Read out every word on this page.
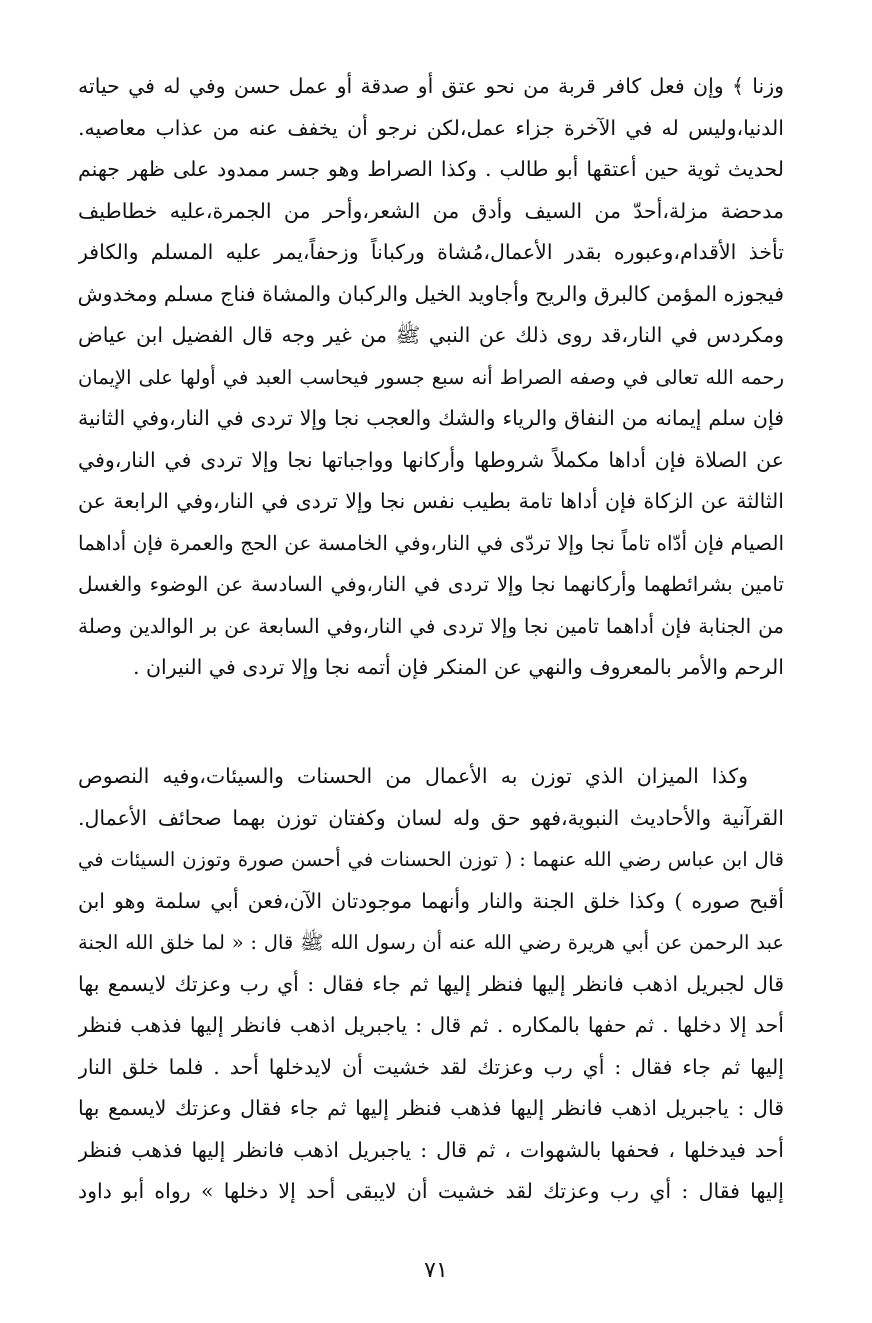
وزنا ﴾ وإن فعل كافر قربة من نحو عتق أو صدقة أو عمل حسن وفي له في حياته
الدنيا،وليس له في الآخرة جزاء عمل،لكن نرجو أن يخفف عنه من عذاب معاصيه.
لحديث ثوية حين أعتقها أبو طالب . وكذا الصراط وهو جسر ممدود على ظهر جهنم
مدحضة مزلة،أحدّ من السيف وأدق من الشعر،وأحر من الجمرة،عليه خطاطيف
تأخذ الأقدام،وعبوره بقدر الأعمال،مُشاة وركباناً وزحفاً،يمر عليه المسلم والكافر
فيجوزه المؤمن كالبرق والريح وأجاويد الخيل والركبان والمشاة فناج مسلم ومخدوش
ومكردس في النار،قد روى ذلك عن النبي ﷺ من غير وجه قال الفضيل ابن عياض
رحمه الله تعالى في وصفه الصراط أنه سبع جسور فيحاسب العبد في أولها على الإيمان
فإن سلم إيمانه من النفاق والرياء والشك والعجب نجا وإلا تردى في النار،وفي الثانية
عن الصلاة فإن أداها مكملاً شروطها وأركانها وواجباتها نجا وإلا تردى في النار،وفي
الثالثة عن الزكاة فإن أداها تامة بطيب نفس نجا وإلا تردى في النار،وفي الرابعة عن
الصيام فإن أدّاه تاماً نجا وإلا تردّى في النار،وفي الخامسة عن الحج والعمرة فإن أداهما
تامين بشرائطهما وأركانهما نجا وإلا تردى في النار،وفي السادسة عن الوضوء والغسل
من الجنابة فإن أداهما تامين نجا وإلا تردى في النار،وفي السابعة عن بر الوالدين وصلة
الرحم والأمر بالمعروف والنهي عن المنكر فإن أتمه نجا وإلا تردى في النيران .
وكذا الميزان الذي توزن به الأعمال من الحسنات والسيئات،وفيه النصوص
القرآنية والأحاديث النبوية،فهو حق وله لسان وكفتان توزن بهما صحائف الأعمال.
قال ابن عباس رضي الله عنهما : ( توزن الحسنات في أحسن صورة وتوزن السيئات في
أقبح صوره ) وكذا خلق الجنة والنار وأنهما موجودتان الآن،فعن أبي سلمة وهو ابن
عبد الرحمن عن أبي هريرة رضي الله عنه أن رسول الله ﷺ قال : « لما خلق الله الجنة
قال لجبريل اذهب فانظر إليها فنظر إليها ثم جاء فقال : أي رب وعزتك لايسمع بها
أحد إلا دخلها . ثم حفها بالمكاره . ثم قال : ياجبريل اذهب فانظر إليها فذهب فنظر
إليها ثم جاء فقال : أي رب وعزتك لقد خشيت أن لايدخلها أحد . فلما خلق النار
قال : ياجبريل اذهب فانظر إليها فذهب فنظر إليها ثم جاء فقال وعزتك لايسمع بها
أحد فيدخلها ، فحفها بالشهوات ، ثم قال : ياجبريل اذهب فانظر إليها فذهب فنظر
إليها فقال : أي رب وعزتك لقد خشيت أن لايبقى أحد إلا دخلها » رواه أبو داود
٧١
